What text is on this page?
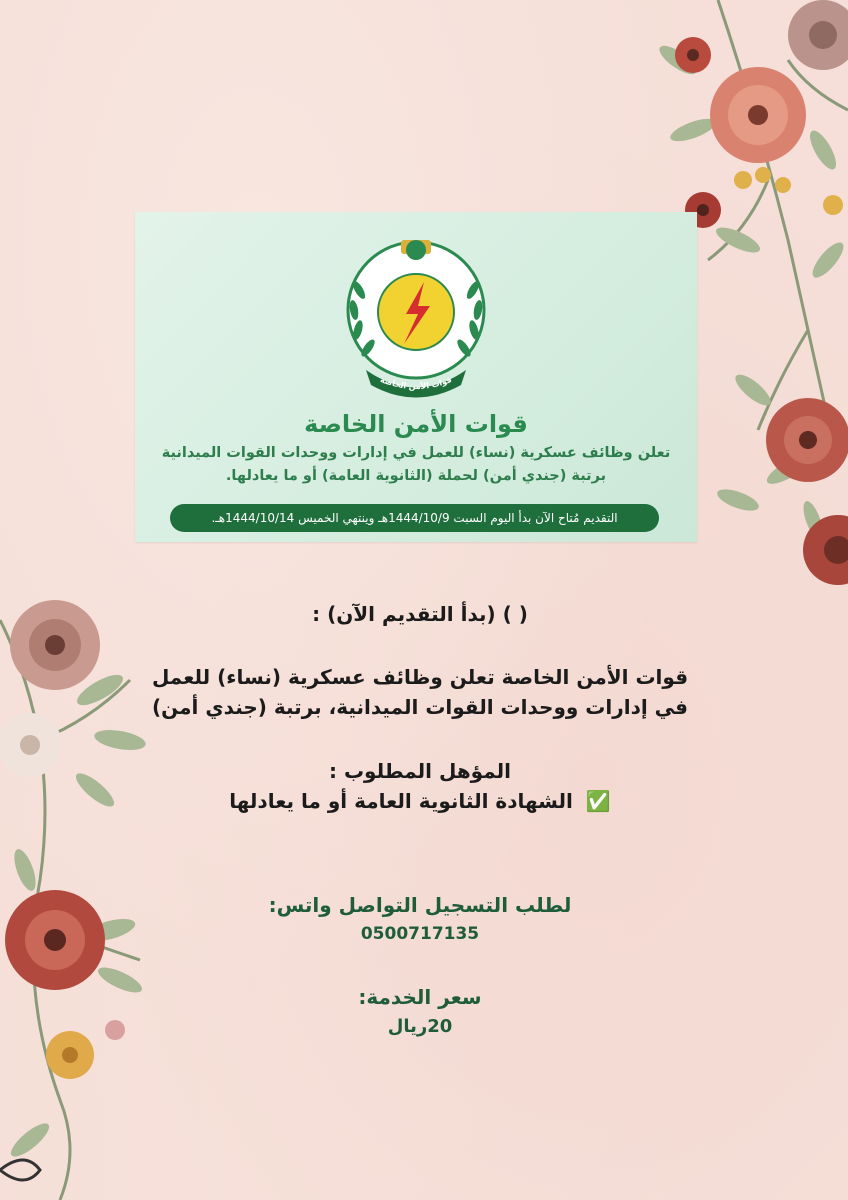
قوات الأمن الخاصة
قوات الأمن الخاصة
تعلن وظائف عسكرية (نساء) للعمل في إدارات ووحدات القوات الميدانية
برتبة (جندي أمن) لحملة (الثانوية العامة) أو ما يعادلها.
التقديم مُتاح الآن بدأ اليوم السبت 1444/10/9هـ وينتهي الخميس 1444/10/14هـ.
( ) (بدأ التقديم الآن) :
قوات الأمن الخاصة تعلن وظائف عسكرية (نساء) للعمل
في إدارات ووحدات القوات الميدانية، برتبة (جندي أمن)
المؤهل المطلوب :
✅ الشهادة الثانوية العامة أو ما يعادلها
لطلب التسجيل التواصل واتس:
0500717135
سعر الخدمة:
20ريال
